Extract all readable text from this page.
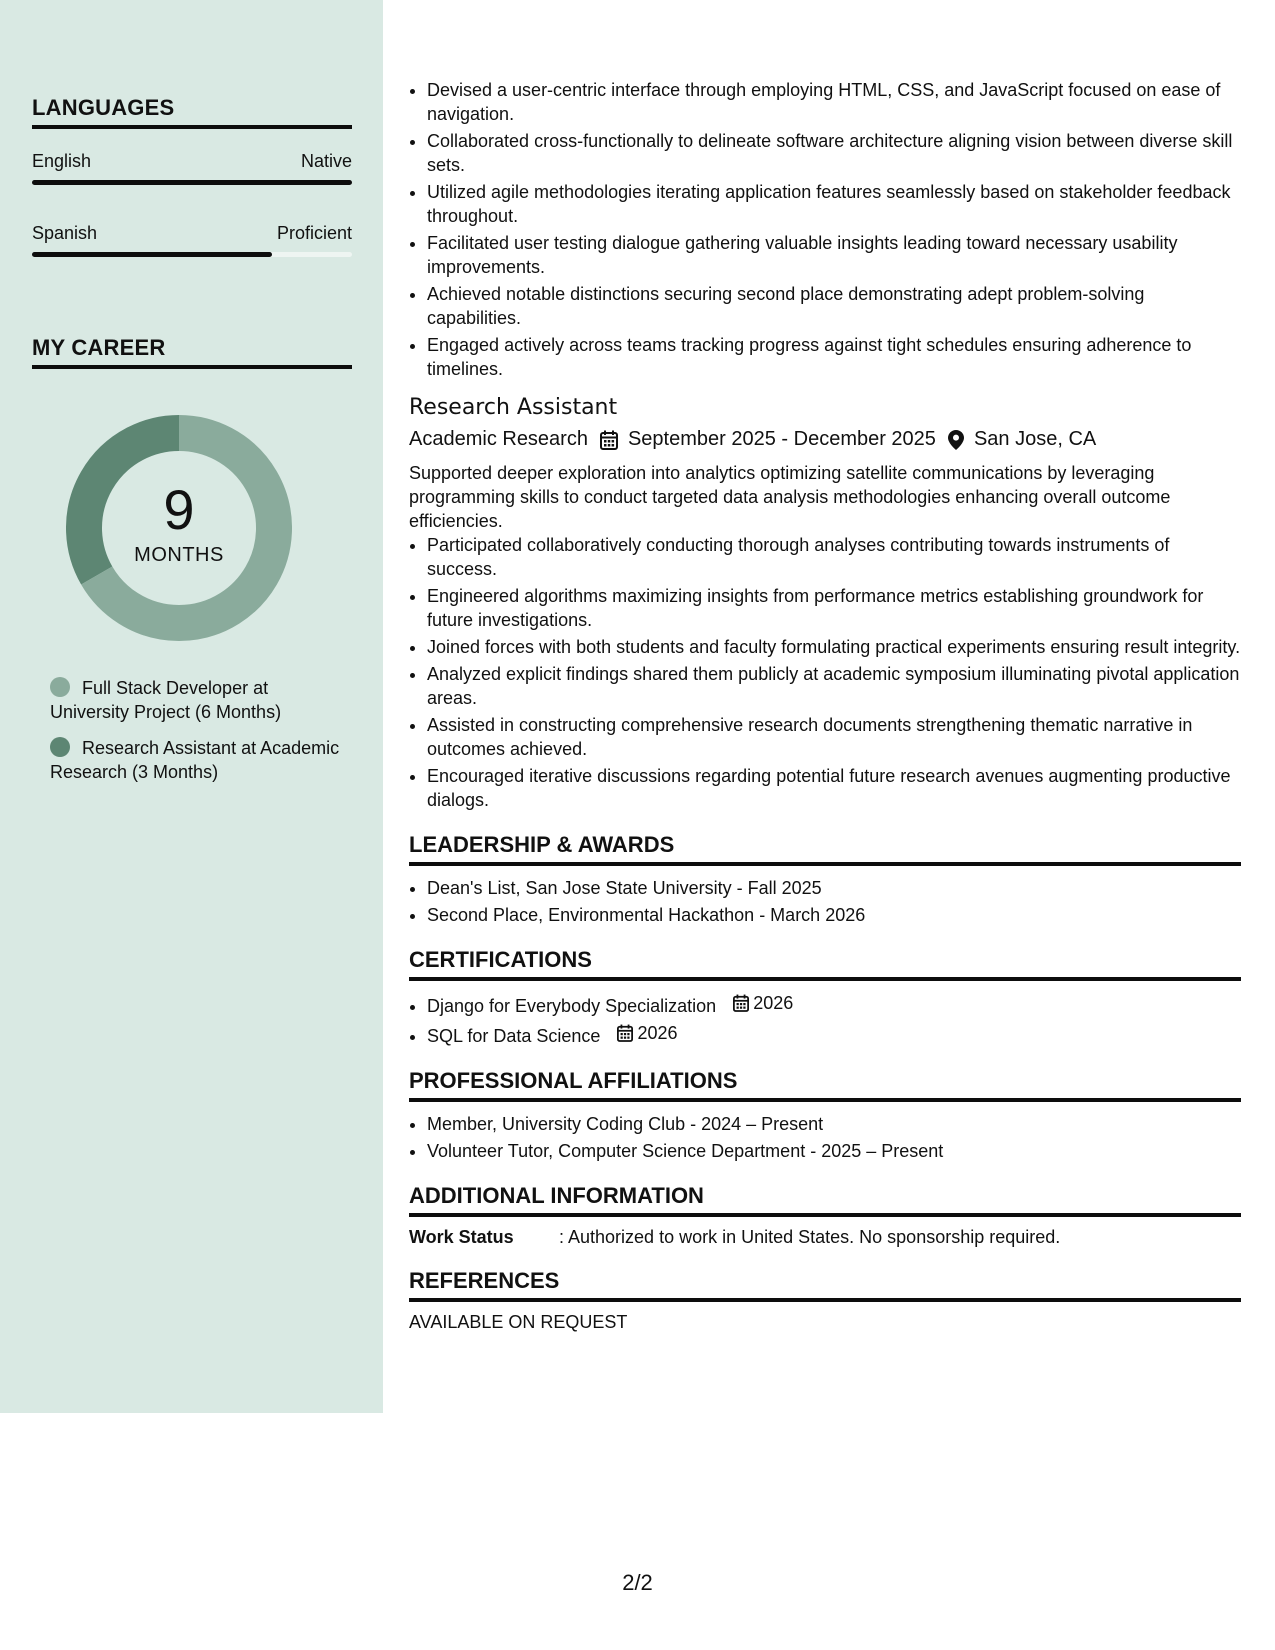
LANGUAGES
English	Native
Spanish	Proficient
MY CAREER
9
MONTHS
Full Stack Developer at University Project (6 Months)
Research Assistant at Academic Research (3 Months)
• Devised a user-centric interface through employing HTML, CSS, and JavaScript focused on ease of navigation.
• Collaborated cross-functionally to delineate software architecture aligning vision between diverse skill sets.
• Utilized agile methodologies iterating application features seamlessly based on stakeholder feedback throughout.
• Facilitated user testing dialogue gathering valuable insights leading toward necessary usability improvements.
• Achieved notable distinctions securing second place demonstrating adept problem-solving capabilities.
• Engaged actively across teams tracking progress against tight schedules ensuring adherence to timelines.
Research Assistant
Academic Research September 2025 - December 2025 San Jose, CA
Supported deeper exploration into analytics optimizing satellite communications by leveraging programming skills to conduct targeted data analysis methodologies enhancing overall outcome efficiencies.
• Participated collaboratively conducting thorough analyses contributing towards instruments of success.
• Engineered algorithms maximizing insights from performance metrics establishing groundwork for future investigations.
• Joined forces with both students and faculty formulating practical experiments ensuring result integrity.
• Analyzed explicit findings shared them publicly at academic symposium illuminating pivotal application areas.
• Assisted in constructing comprehensive research documents strengthening thematic narrative in outcomes achieved.
• Encouraged iterative discussions regarding potential future research avenues augmenting productive dialogs.
LEADERSHIP & AWARDS
• Dean's List, San Jose State University - Fall 2025
• Second Place, Environmental Hackathon - March 2026
CERTIFICATIONS
• Django for Everybody Specialization 2026
• SQL for Data Science 2026
PROFESSIONAL AFFILIATIONS
• Member, University Coding Club - 2024 – Present
• Volunteer Tutor, Computer Science Department - 2025 – Present
ADDITIONAL INFORMATION
Work Status	: Authorized to work in United States. No sponsorship required.
REFERENCES
AVAILABLE ON REQUEST
2/2
